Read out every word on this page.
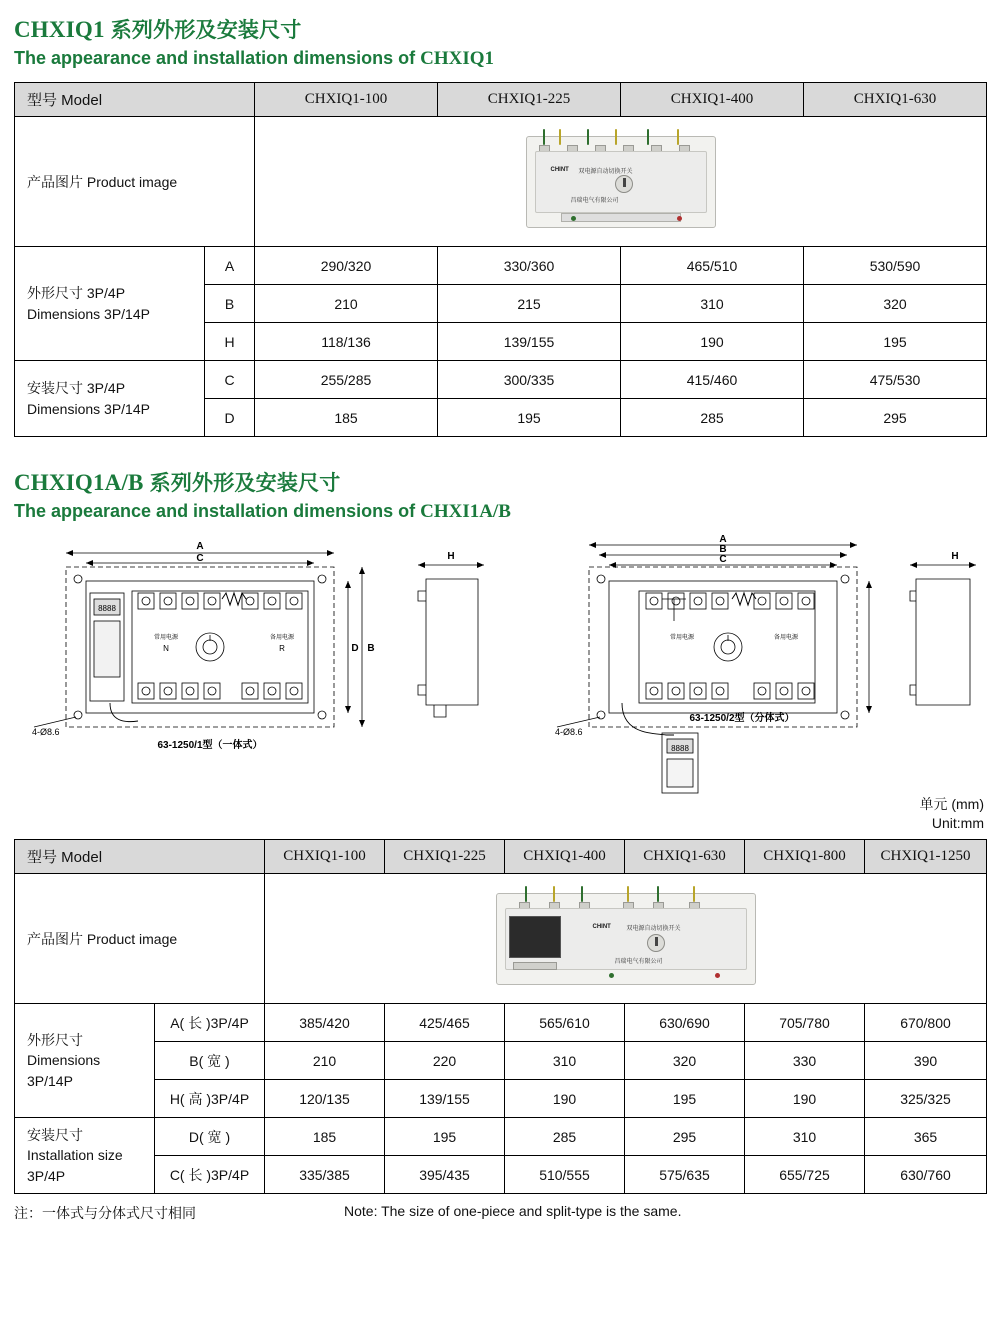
CHXIQ1 系列外形及安装尺寸
The appearance and installation dimensions of CHXIQ1
型号 Model		CHXIQ1-100	CHXIQ1-225	CHXIQ1-400	CHXIQ1-630
产品图片 Product image		CHINT 双电源自动切换开关
昌瑞电气有限公司			

外形尺寸 3P/4P
Dimensions 3P/14P	A	290/320	330/360	465/510	530/590
	B	210	215	310	320
	H	118/136	139/155	190	195
安装尺寸 3P/4P
Dimensions 3P/14P	C	255/285	300/335	415/460	475/530
	D	185	195	285	295
CHXIQ1A/B 系列外形及安装尺寸
The appearance and installation dimensions of CHXI1A/B
A
C
D B
H
4-Ø8.6
63-1250/1型（一体式）
N	R
常用电源	备用电源
8888
A
B
C	H
4-Ø8.6
63-1250/2型（分体式）
常用电源	备用电源
8888
单元 (mm)
Unit:mm
型号 Model		CHXIQ1-100	CHXIQ1-225	CHXIQ1-400	CHXIQ1-630	CHXIQ1-800	CHXIQ1-1250
产品图片 Product image		CHINT 双电源自动切换开关
昌瑞电气有限公司					

外形尺寸
Dimensions
3P/14P	A( 长 )3P/4P	385/420	425/465	565/610	630/690	705/780	670/800
	B( 宽 )	210	220	310	320	330	390
	H( 高 )3P/4P	120/135	139/155	190	195	190	325/325
安装尺寸
Installation size
3P/4P	D( 宽 )	185	195	285	295	310	365
	C( 长 )3P/4P	335/385	395/435	510/555	575/635	655/725	630/760
注：一体式与分体式尺寸相同	Note: The size of one-piece and split-type is the same.
